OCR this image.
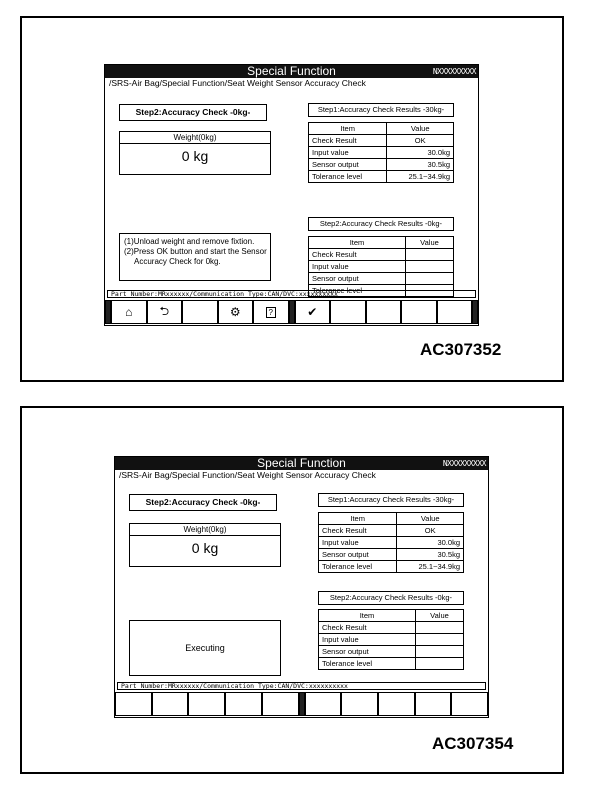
Special Function	NXXXXXXXXX
/SRS-Air Bag/Special Function/Seat Weight Sensor Accuracy Check
Step2:Accuracy Check -0kg-
Weight(0kg)
0 kg
(1)Unload weight and remove fixtion.
(2)Press OK button and start the Sensor
Accuracy Check for 0kg.
Step1:Accuracy Check Results -30kg-
Item	Value
Check Result	OK
Input value	30.0kg
Sensor output	30.5kg
Tolerance level	25.1~34.9kg
Step2:Accuracy Check Results -0kg-
Item	Value
Check Result	
Input value	
Sensor output	
Tolerance level	
Part Number:MRxxxxxx/Communication Type:CAN/DVC:xxxxxxxxxx
⌂ ⮌	⚙	?	✔
AC307352
Special Function	NXXXXXXXXX
/SRS-Air Bag/Special Function/Seat Weight Sensor Accuracy Check
Step2:Accuracy Check -0kg-
Weight(0kg)
0 kg
Executing
Step1:Accuracy Check Results -30kg-
Item	Value
Check Result	OK
Input value	30.0kg
Sensor output	30.5kg
Tolerance level	25.1~34.9kg
Step2:Accuracy Check Results -0kg-
Item	Value
Check Result	
Input value	
Sensor output	
Tolerance level	
Part Number:MRxxxxxx/Communication Type:CAN/DVC:xxxxxxxxxx
AC307354
